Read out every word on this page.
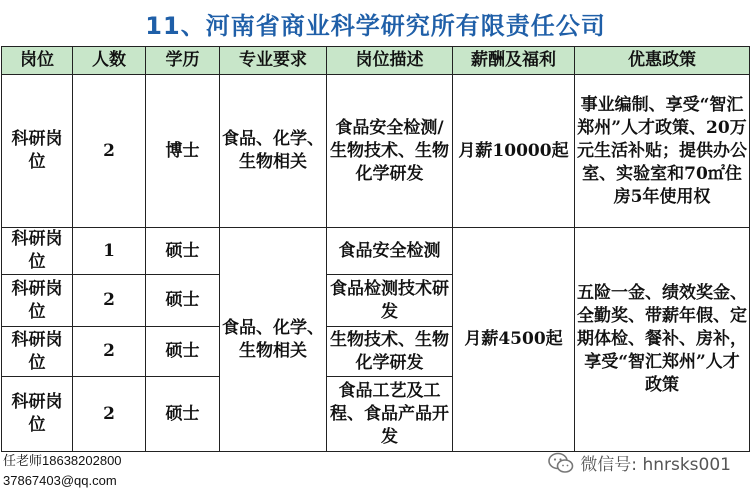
11、河南省商业科学研究所有限责任公司
岗位	人数	学历	专业要求	岗位描述	薪酬及福利	优惠政策
科研岗位	2	博士	食品、化学、生物相关	食品安全检测/生物技术、生物化学研发	月薪10000起	事业编制、享受“智汇郑州”人才政策、20万元生活补贴；提供办公室、实验室和70㎡住房5年使用权
科研岗位	1	硕士	食品、化学、生物相关	食品安全检测	月薪4500起	五险一金、绩效奖金、全勤奖、带薪年假、定期体检、餐补、房补，享受“智汇郑州”人才政策
科研岗位	2	硕士		食品检测技术研发		
科研岗位	2	硕士		生物技术、生物化学研发		
科研岗位	2	硕士		食品工艺及工程、食品产品开发		
任老师18638202800
37867403@qq.com
微信号: hnrsks001
